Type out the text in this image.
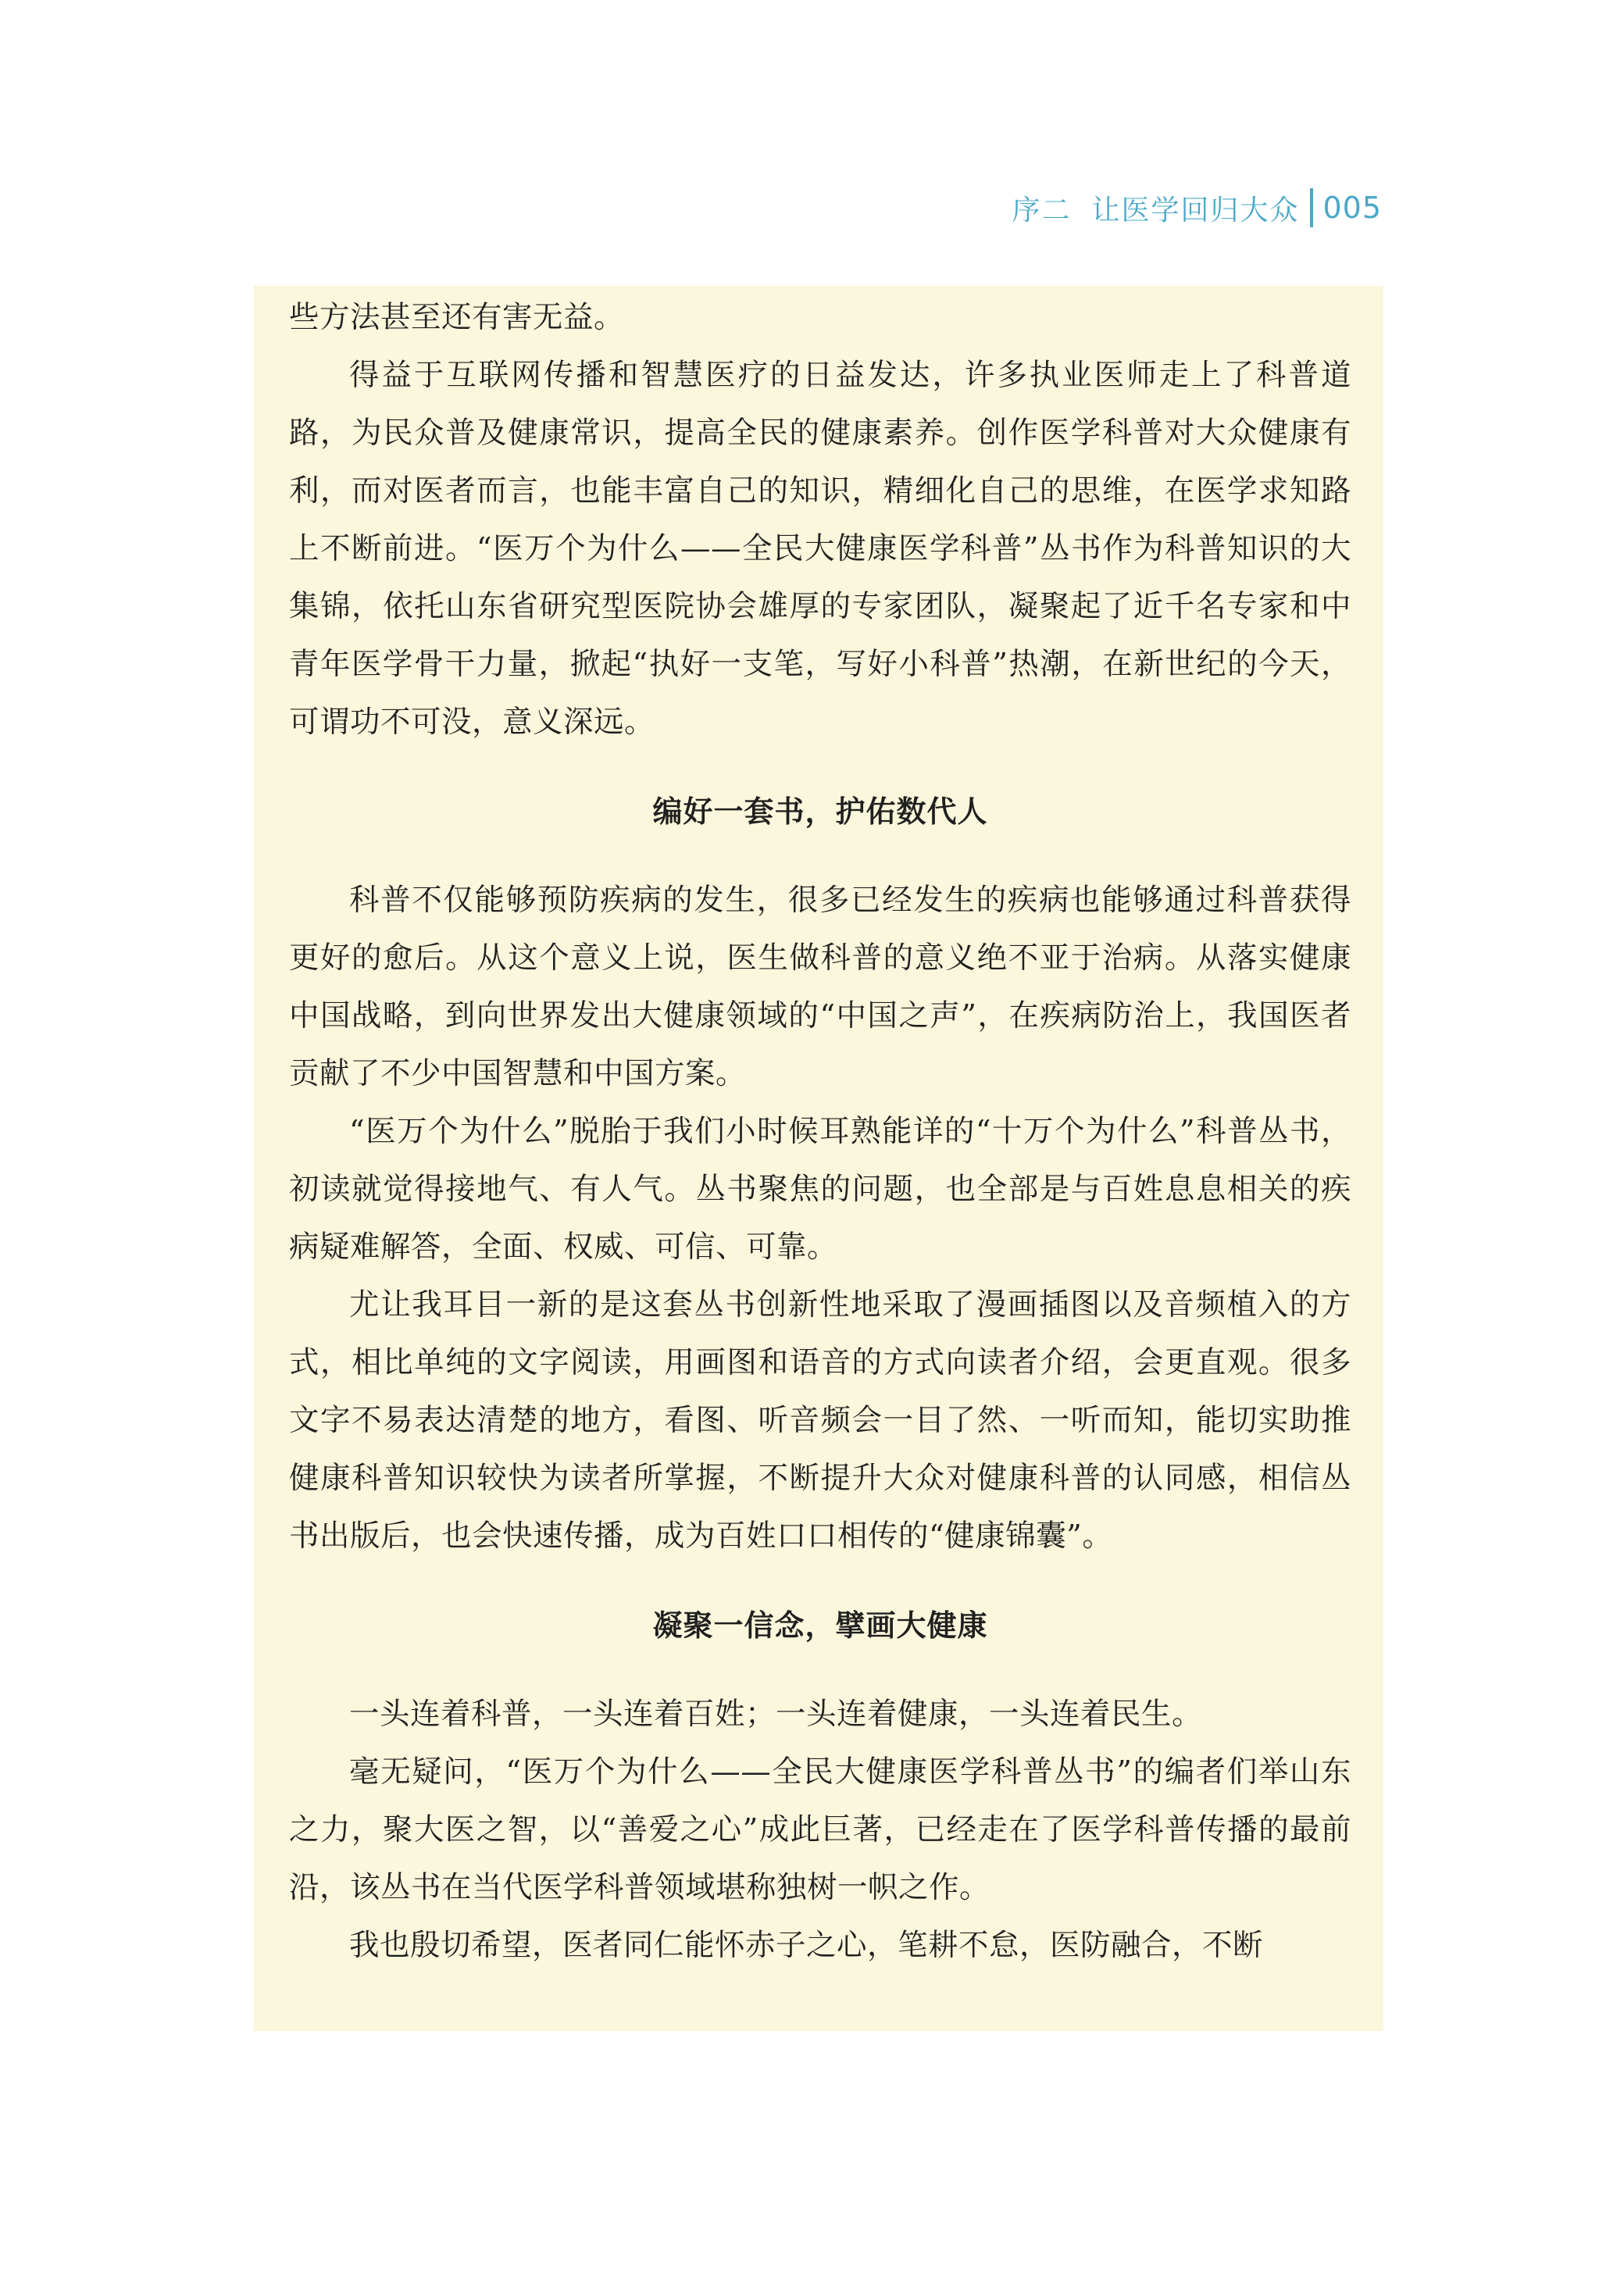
序二 让医学回归大众 005

些方法甚至还有害无益。

得益于互联网传播和智慧医疗的日益发达，许多执业医师走上了科普道路，为民众普及健康常识，提高全民的健康素养。创作医学科普对大众健康有利，而对医者而言，也能丰富自己的知识，精细化自己的思维，在医学求知路上不断前进。“医万个为什么——全民大健康医学科普”丛书作为科普知识的大集锦，依托山东省研究型医院协会雄厚的专家团队，凝聚起了近千名专家和中青年医学骨干力量，掀起“执好一支笔，写好小科普”热潮，在新世纪的今天，可谓功不可没，意义深远。

编好一套书，护佑数代人

科普不仅能够预防疾病的发生，很多已经发生的疾病也能够通过科普获得更好的愈后。从这个意义上说，医生做科普的意义绝不亚于治病。从落实健康中国战略，到向世界发出大健康领域的“中国之声”，在疾病防治上，我国医者贡献了不少中国智慧和中国方案。

“医万个为什么”脱胎于我们小时候耳熟能详的“十万个为什么”科普丛书，初读就觉得接地气、有人气。丛书聚焦的问题，也全部是与百姓息息相关的疾病疑难解答，全面、权威、可信、可靠。

尤让我耳目一新的是这套丛书创新性地采取了漫画插图以及音频植入的方式，相比单纯的文字阅读，用画图和语音的方式向读者介绍，会更直观。很多文字不易表达清楚的地方，看图、听音频会一目了然、一听而知，能切实助推健康科普知识较快为读者所掌握，不断提升大众对健康科普的认同感，相信丛书出版后，也会快速传播，成为百姓口口相传的“健康锦囊”。

凝聚一信念，擘画大健康

一头连着科普，一头连着百姓；一头连着健康，一头连着民生。

毫无疑问，“医万个为什么——全民大健康医学科普丛书”的编者们举山东之力，聚大医之智，以“善爱之心”成此巨著，已经走在了医学科普传播的最前沿，该丛书在当代医学科普领域堪称独树一帜之作。

我也殷切希望，医者同仁能怀赤子之心，笔耕不怠，医防融合，不断
